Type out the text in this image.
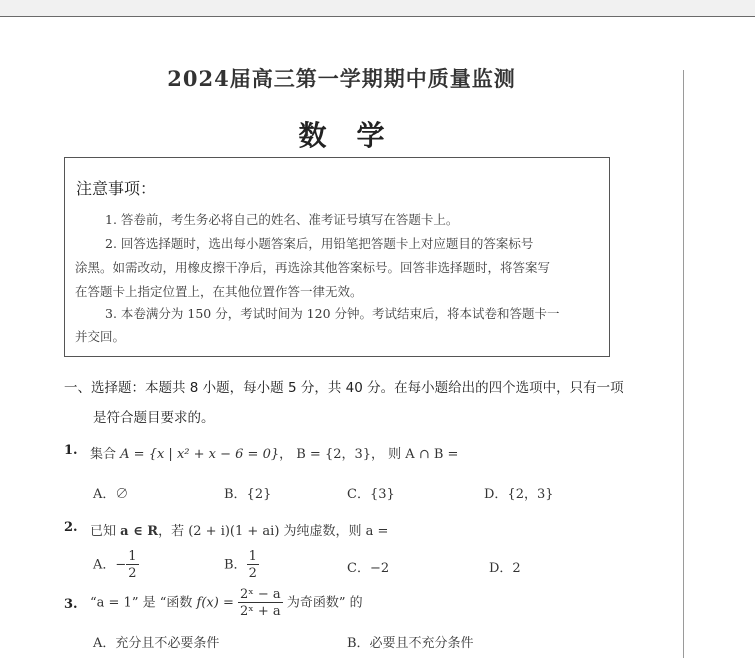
2024届高三第一学期期中质量监测
数学
注意事项：
1. 答卷前，考生务必将自己的姓名、准考证号填写在答题卡上。
2. 回答选择题时，选出每小题答案后，用铅笔把答题卡上对应题目的答案标号
涂黑。如需改动，用橡皮擦干净后，再选涂其他答案标号。回答非选择题时，将答案写
在答题卡上指定位置上，在其他位置作答一律无效。
3. 本卷满分为 150 分，考试时间为 120 分钟。考试结束后，将本试卷和答题卡一
并交回。
一、选择题：本题共 8 小题，每小题 5 分，共 40 分。在每小题给出的四个选项中，只有一项
是符合题目要求的。
1. 集合 A = {x | x² + x − 6 = 0}， B = {2，3}， 则 A ∩ B =
A．∅	B．{2}	C．{3}	D．{2，3}
2. 已知 a ∈ R，若 (2 + i)(1 + ai) 为纯虚数，则 a =
A．− $\frac{1}{2}$	B． $\frac{1}{2}$	C．−2	D．2
3. “a = 1” 是 “函数 $f(x) = \frac{\text{2ˣ − a}}{\text{2ˣ + a}}$ 为奇函数” 的
A．充分且不必要条件	B．必要且不充分条件
